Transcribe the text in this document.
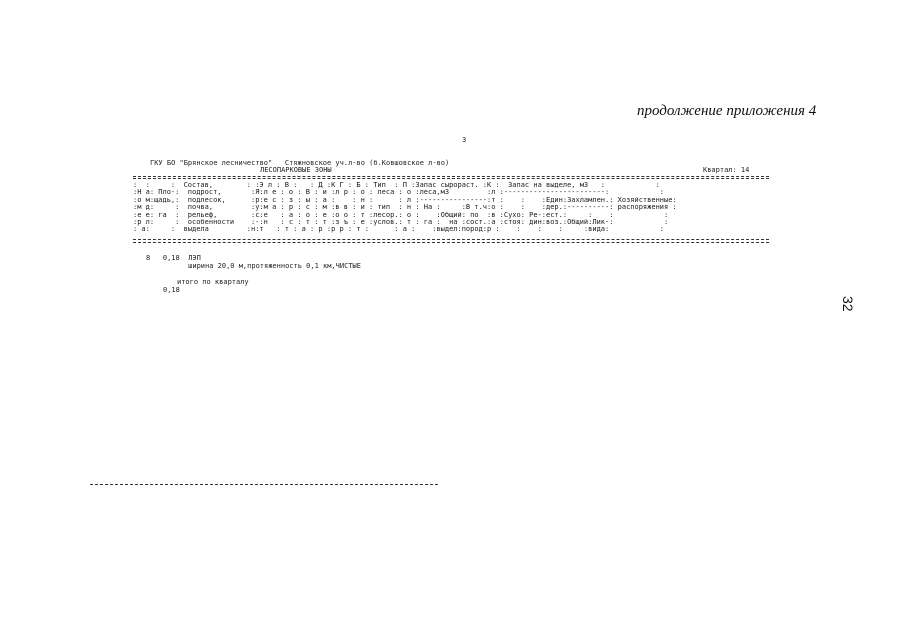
продолжение приложения 4
3
ГКУ БО "Брянское лесничество"   Стяжновское уч.л-во (б.Ковшовское л-во)
ЛЕСОПАРКОВЫЕ ЗОНЫ	Квартал: 14
:  :     :  Состав,        : :Э л : В :   : Д :К Г : Б : Тип  : П :Запас сырораст. :К :  Запас на выделе, м3   :            :
:Н а: Пло-:  подрост,       :Я:л е : о : В : и :л р : о : леса : о :леса,м3         :л :------------------------:            :
:о м:щадь,:  подлесок,      :р:е с : з : ы : а :    : н :      : л :----------------:т :    :    :Един:Захламлен.: Хозяйственные:
:м д:     :  почва,         :у:м а : р : с : м :в в : и : тип  : н : На :     :В т.ч:о :    :    :дер.:----------: распоряжения :
:е е: га  :  рельеф,        :с:е   : а : о : е :о о : т :лесор.: о :    :Общий: по  :в :Сухо: Ре-:ест.:     :    :            :
:р л:     :  особенности    :-:н   : с : т : т :з ъ : е :услов.: т : га :  на :сост.:а :стоя: дин:воз.:Общий:Лик-:            :
: а:     :  выдела         :н:т   : т : а : р :р р : т :      : а :    :выдел:пород:р :    :    :    :     :вида:            :
8   0,18  ЛЭП
ширина 20,0 м,протяженность 0,1 км,ЧИСТЫЕ
итого по кварталу
0,18
32
